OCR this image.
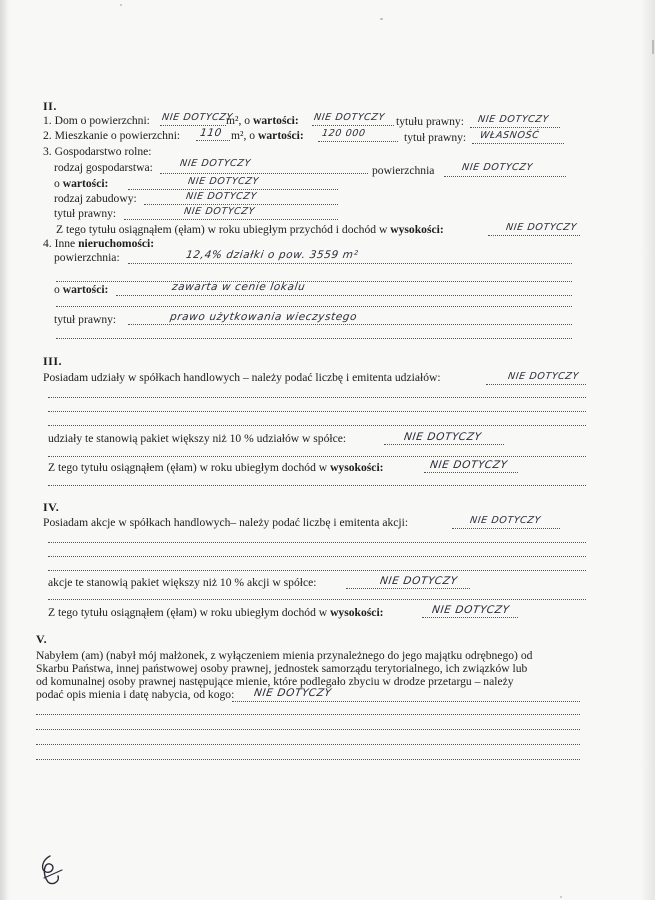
II.
1. Dom o powierzchni: NIE DOTYCZY
m², o wartości: NIE DOTYCZY tytułu prawny: NIE DOTYCZY
2. Mieszkanie o powierzchni: 110 m², o wartości: 120 000	tytuł prawny: WŁASNOŚĆ
3. Gospodarstwo rolne:
rodzaj gospodarstwa:	NIE DOTYCZY
powierzchnia	NIE DOTYCZY
o wartości:	NIE DOTYCZY
rodzaj zabudowy:	NIE DOTYCZY
tytuł prawny:	NIE DOTYCZY
Z tego tytułu osiągnąłem (ęłam) w roku ubiegłym przychód i dochód w wysokości:	NIE DOTYCZY
4. Inne nieruchomości:
powierzchnia:	12,4% działki o pow. 3559 m²
o wartości:	zawarta w cenie lokalu
tytuł prawny:	prawo użytkowania wieczystego
III.
Posiadam udziały w spółkach handlowych – należy podać liczbę i emitenta udziałów:	NIE DOTYCZY
udziały te stanowią pakiet większy niż 10 % udziałów w spółce:	NIE DOTYCZY
Z tego tytułu osiągnąłem (ęłam) w roku ubiegłym dochód w wysokości:	NIE DOTYCZY
IV.
Posiadam akcje w spółkach handlowych– należy podać liczbę i emitenta akcji:	NIE DOTYCZY
akcje te stanowią pakiet większy niż 10 % akcji w spółce:	NIE DOTYCZY
Z tego tytułu osiągnąłem (ęłam) w roku ubiegłym dochód w wysokości:	NIE DOTYCZY
V.
Nabyłem (am) (nabył mój małżonek, z wyłączeniem mienia przynależnego do jego majątku odrębnego) od
Skarbu Państwa, innej państwowej osoby prawnej, jednostek samorządu terytorialnego, ich związków lub
od komunalnej osoby prawnej następujące mienie, które podlegało zbyciu w drodze przetargu – należy
podać opis mienia i datę nabycia, od kogo: NIE DOTYCZY
